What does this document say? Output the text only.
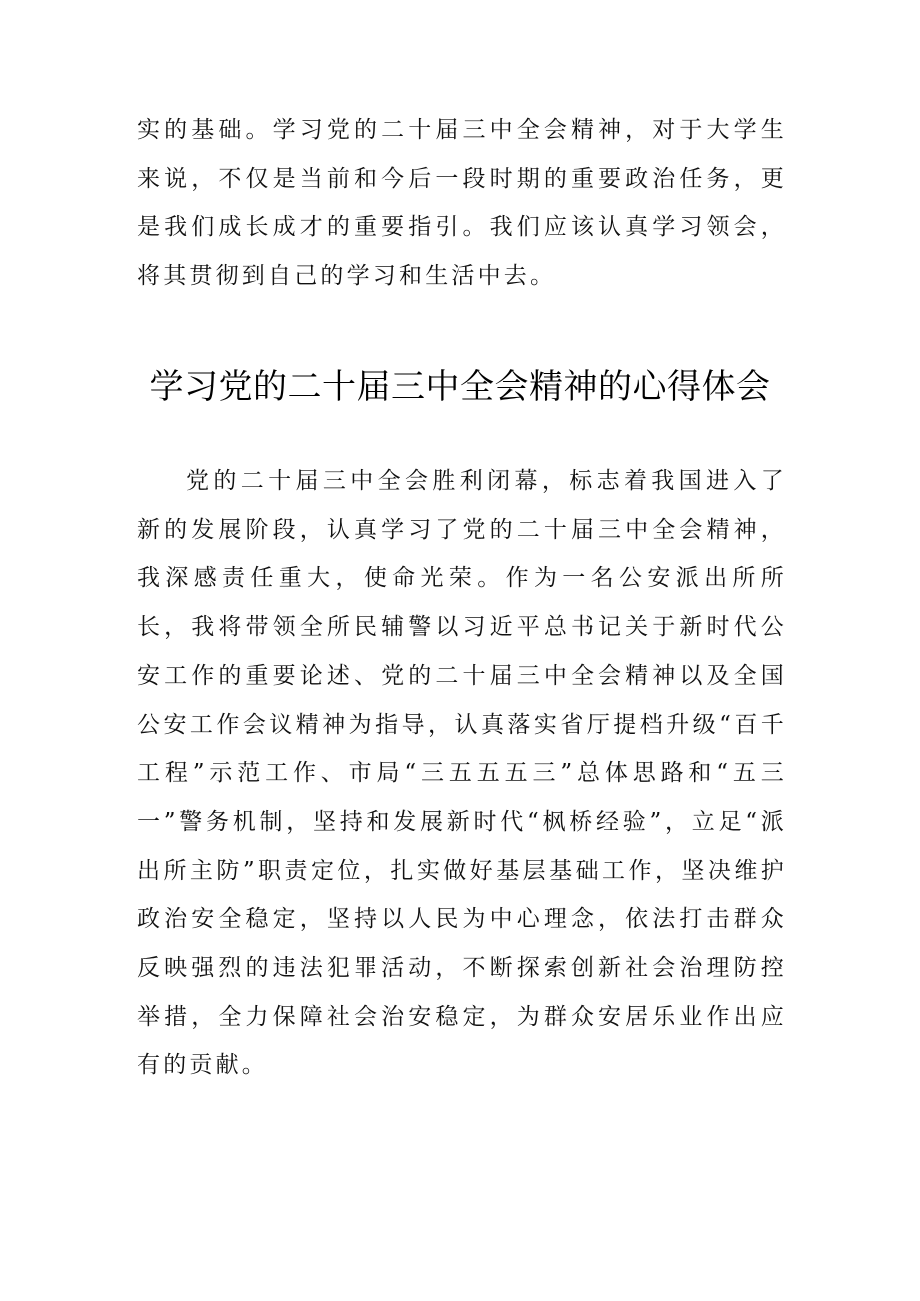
实的基础。学习党的二十届三中全会精神，对于大学生来说，不仅是当前和今后一段时期的重要政治任务，更是我们成长成才的重要指引。我们应该认真学习领会，将其贯彻到自己的学习和生活中去。

学习党的二十届三中全会精神的心得体会

党的二十届三中全会胜利闭幕，标志着我国进入了新的发展阶段，认真学习了党的二十届三中全会精神，我深感责任重大，使命光荣。作为一名公安派出所所长，我将带领全所民辅警以习近平总书记关于新时代公安工作的重要论述、党的二十届三中全会精神以及全国公安工作会议精神为指导，认真落实省厅提档升级“百千工程”示范工作、市局“三五五五三”总体思路和“五三一”警务机制，坚持和发展新时代“枫桥经验”，立足“派出所主防”职责定位，扎实做好基层基础工作，坚决维护政治安全稳定，坚持以人民为中心理念，依法打击群众反映强烈的违法犯罪活动，不断探索创新社会治理防控举措，全力保障社会治安稳定，为群众安居乐业作出应有的贡献。
